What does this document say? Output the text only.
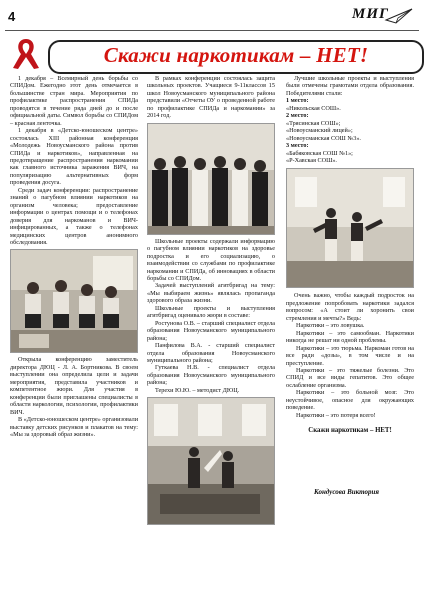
4	МИГ
Скажи наркотикам – НЕТ!

1 декабря – Всемирный день борьбы со СПИДом. Ежегодно этот день отмечается в большинстве стран мира. Мероприятия по профилактике распространения СПИДа проводятся в течение ряда дней до и после официальной даты. Символ борьбы со СПИДом – красная ленточка.

1 декабря в «Детско-юношеском центре» состоялась XIII районная конференция «Молодежь Новоусманского района против СПИДа и наркотиков», направленная на предотвращение распространения наркомании как главного источника заражения ВИЧ, на популяризацию альтернативных форм проведения досуга.

Среди задач конференции: распространение знаний о пагубном влиянии наркотиков на организм человека; предоставление информации о центрах помощи и о телефонах доверия для наркоманов и ВИЧ-инфицированных, а также о телефонах медицинских центров анонимного обследования.

Открыла конференцию заместитель директора ДЮЦ - Л. А. Бортникова. В своем выступлении она определила цели и задачи мероприятия, представила участников и компетентное жюри. Для участия в конференции были приглашены специалисты в области наркологии, психологии, профилактики ВИЧ.

В «Детско-юношеском центре» организовали выставку детских рисунков и плакатов на тему: «Мы за здоровый образ жизни».

В рамках конференции состоялась защита школьных проектов. Учащиеся 9-11классов 15 школ Новоусманского муниципального района представили «Отчеты ОУ о проведенной работе по профилактике СПИДа и наркомании» за 2014 год.

Школьные проекты содержали информацию о пагубном влиянии наркотиков на здоровье подростка и его социализацию, о взаимодействии со службами по профилактике наркомании и СПИДа, об инновациях в области борьбы со СПИДом.

Задачей выступлений агитбригад на тему: «Мы выбираем жизнь» являлась пропаганда здорового образа жизни.

Школьные проекты и выступления агитбригад оценивало жюри в составе:

Ростунова О.В. – старший специалист отдела образования Новоусманского муниципального района;

Панфилова В.А. - старший специалист отдела образования Новоусманского муниципального района;

Гуткаева Н.В. - специалист отдела образования Новоусманского муниципального района;

Терехи Ю.Ю. – методист ДЮЦ.

Лучшие школьные проекты и выступления были отмечены грамотами отдела образования. Победителями стали:

1 место:

«Никольская СОШ».

2 место:

«Трясинская СОШ»;

«Новоусманский лицей»;

«Новоусманская СОШ №3».

3 место:

«Бабяковская СОШ №1»;

«Р-Хавская СОШ».

Очень важно, чтобы каждый подросток на предложение попробовать наркотики задался вопросом: «А стоит ли хоронить свои стремления и мечты?» Ведь:

Наркотики – это ловушка.

Наркотики – это самообман. Наркотики никогда не решат ни одной проблемы.

Наркотики – это тюрьма. Наркоман готов на все ради «дозы», в том числе и на преступление.

Наркотики – это тяжелые болезни. Это СПИД и все виды гепатитов. Это общее ослабление организма.

Наркотики – это больной мозг. Это неустойчивое, опасное для окружающих поведение.

Наркотики – это потеря всего!

Скажи наркотикам – НЕТ!

Кондусова Виктория
